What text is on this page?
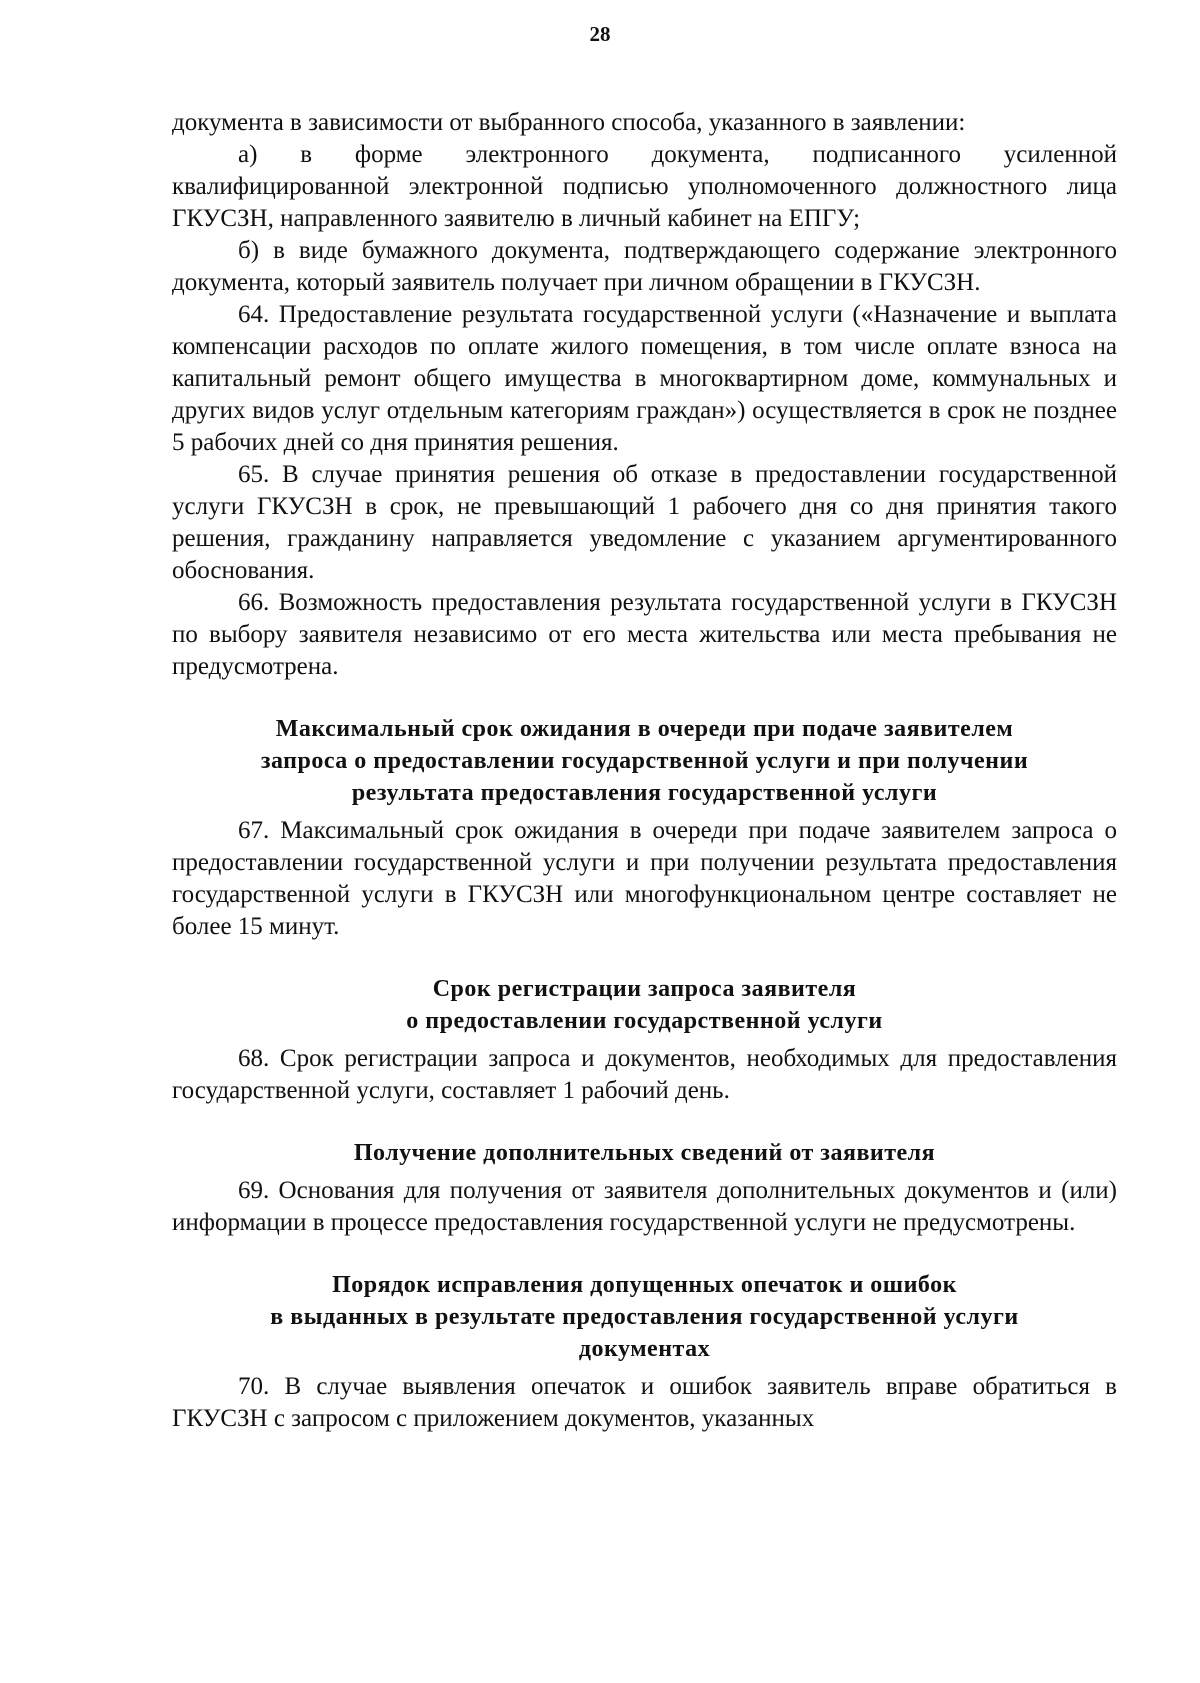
28

документа в зависимости от выбранного способа, указанного в заявлении:

а) в форме электронного документа, подписанного усиленной квалифицированной электронной подписью уполномоченного должностного лица ГКУСЗН, направленного заявителю в личный кабинет на ЕПГУ;

б) в виде бумажного документа, подтверждающего содержание электронного документа, который заявитель получает при личном обращении в ГКУСЗН.

64. Предоставление результата государственной услуги («Назначение и выплата компенсации расходов по оплате жилого помещения, в том числе оплате взноса на капитальный ремонт общего имущества в многоквартирном доме, коммунальных и других видов услуг отдельным категориям граждан») осуществляется в срок не позднее 5 рабочих дней со дня принятия решения.

65. В случае принятия решения об отказе в предоставлении государственной услуги ГКУСЗН в срок, не превышающий 1 рабочего дня со дня принятия такого решения, гражданину направляется уведомление с указанием аргументированного обоснования.

66. Возможность предоставления результата государственной услуги в ГКУСЗН по выбору заявителя независимо от его места жительства или места пребывания не предусмотрена.

Максимальный срок ожидания в очереди при подаче заявителем
запроса о предоставлении государственной услуги и при получении
результата предоставления государственной услуги

67. Максимальный срок ожидания в очереди при подаче заявителем запроса о предоставлении государственной услуги и при получении результата предоставления государственной услуги в ГКУСЗН или многофункциональном центре составляет не более 15 минут.

Срок регистрации запроса заявителя
о предоставлении государственной услуги

68. Срок регистрации запроса и документов, необходимых для предоставления государственной услуги, составляет 1 рабочий день.

Получение дополнительных сведений от заявителя

69. Основания для получения от заявителя дополнительных документов и (или) информации в процессе предоставления государственной услуги не предусмотрены.

Порядок исправления допущенных опечаток и ошибок
в выданных в результате предоставления государственной услуги
документах

70. В случае выявления опечаток и ошибок заявитель вправе обратиться в ГКУСЗН с запросом с приложением документов, указанных
